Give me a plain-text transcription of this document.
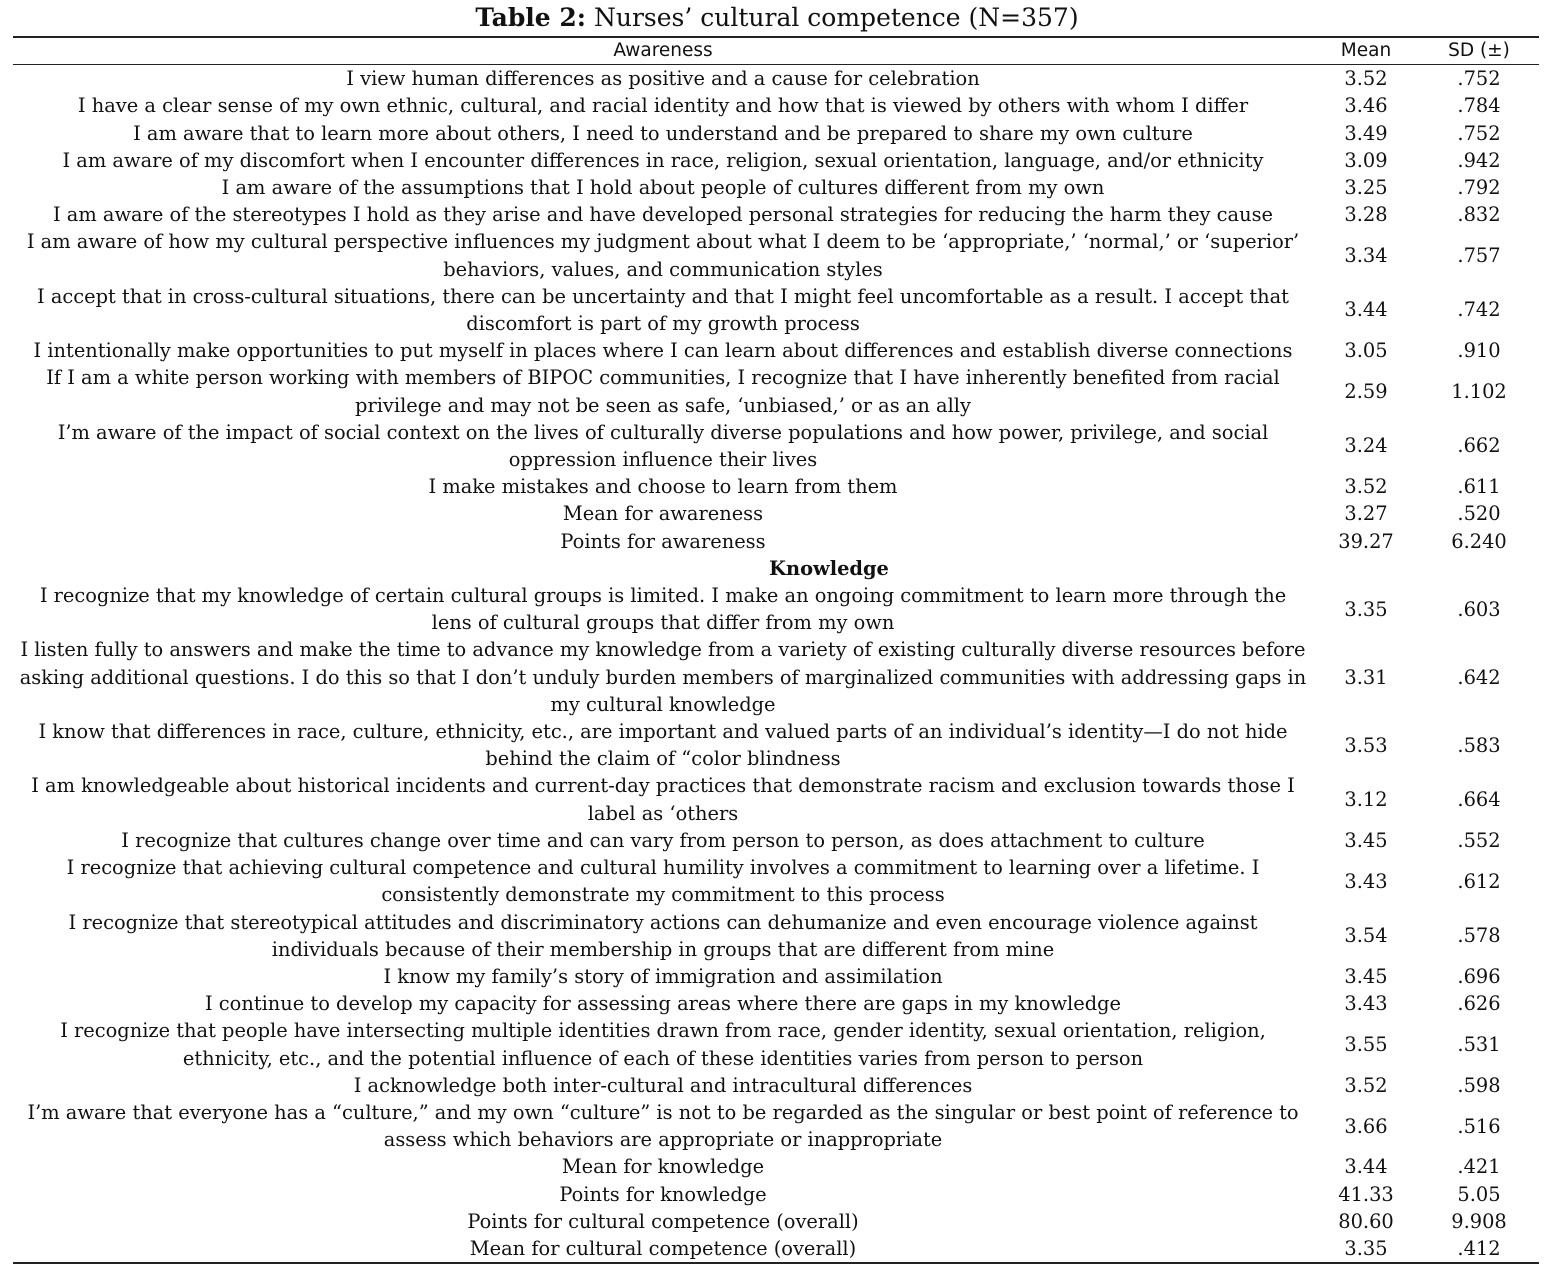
Table 2: Nurses’ cultural competence (N=357)
Awareness	Mean	SD (±)
I view human differences as positive and a cause for celebration	3.52	.752
I have a clear sense of my own ethnic, cultural, and racial identity and how that is viewed by others with whom I differ	3.46	.784
I am aware that to learn more about others, I need to understand and be prepared to share my own culture	3.49	.752
I am aware of my discomfort when I encounter differences in race, religion, sexual orientation, language, and/or ethnicity	3.09	.942
I am aware of the assumptions that I hold about people of cultures different from my own	3.25	.792
I am aware of the stereotypes I hold as they arise and have developed personal strategies for reducing the harm they cause	3.28	.832
I am aware of how my cultural perspective influences my judgment about what I deem to be ‘appropriate,’ ‘normal,’ or ‘superior’ behaviors, values, and communication styles	3.34	.757
I accept that in cross-cultural situations, there can be uncertainty and that I might feel uncomfortable as a result. I accept that discomfort is part of my growth process	3.44	.742
I intentionally make opportunities to put myself in places where I can learn about differences and establish diverse connections	3.05	.910
If I am a white person working with members of BIPOC communities, I recognize that I have inherently benefited from racial privilege and may not be seen as safe, ‘unbiased,’ or as an ally	2.59	1.102
I’m aware of the impact of social context on the lives of culturally diverse populations and how power, privilege, and social oppression influence their lives	3.24	.662
I make mistakes and choose to learn from them	3.52	.611
Mean for awareness	3.27	.520
Points for awareness	39.27	6.240
Knowledge		
I recognize that my knowledge of certain cultural groups is limited. I make an ongoing commitment to learn more through the lens of cultural groups that differ from my own	3.35	.603
I listen fully to answers and make the time to advance my knowledge from a variety of existing culturally diverse resources before asking additional questions. I do this so that I don’t unduly burden members of marginalized communities with addressing gaps in my cultural knowledge	3.31	.642
I know that differences in race, culture, ethnicity, etc., are important and valued parts of an individual’s identity—I do not hide behind the claim of “color blindness	3.53	.583
I am knowledgeable about historical incidents and current-day practices that demonstrate racism and exclusion towards those I label as ‘others	3.12	.664
I recognize that cultures change over time and can vary from person to person, as does attachment to culture	3.45	.552
I recognize that achieving cultural competence and cultural humility involves a commitment to learning over a lifetime. I consistently demonstrate my commitment to this process	3.43	.612
I recognize that stereotypical attitudes and discriminatory actions can dehumanize and even encourage violence against individuals because of their membership in groups that are different from mine	3.54	.578
I know my family’s story of immigration and assimilation	3.45	.696
I continue to develop my capacity for assessing areas where there are gaps in my knowledge	3.43	.626
I recognize that people have intersecting multiple identities drawn from race, gender identity, sexual orientation, religion, ethnicity, etc., and the potential influence of each of these identities varies from person to person	3.55	.531
I acknowledge both inter-cultural and intracultural differences	3.52	.598
I’m aware that everyone has a “culture,” and my own “culture” is not to be regarded as the singular or best point of reference to assess which behaviors are appropriate or inappropriate	3.66	.516
Mean for knowledge	3.44	.421
Points for knowledge	41.33	5.05
Points for cultural competence (overall)	80.60	9.908
Mean for cultural competence (overall)	3.35	.412
